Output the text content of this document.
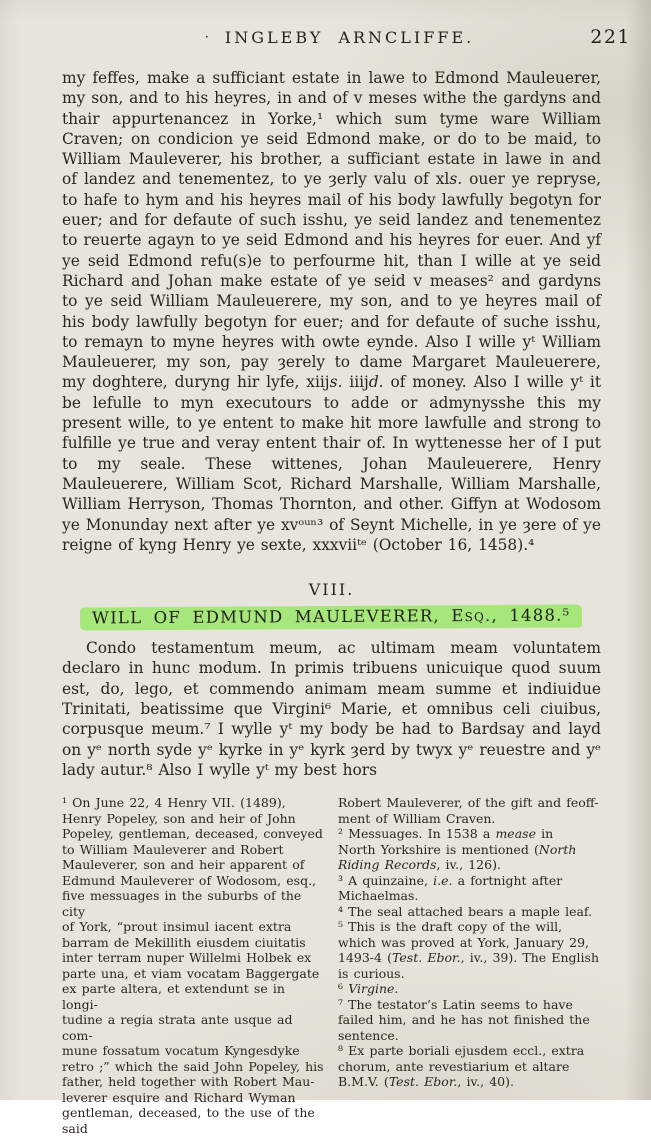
· INGLEBY ARNCLIFFE.	221

my feffes, make a sufficiant estate in lawe to Edmond Mauleuerer, my son, and to his heyres, in and of v meses withe the gardyns and thair appurtenancez in Yorke,¹ which sum tyme ware William Craven; on condicion ye seid Edmond make, or do to be maid, to William Mauleverer, his brother, a sufficiant estate in lawe in and of landez and tenementez, to ye ȝerly valu of xls. ouer ye repryse, to hafe to hym and his heyres mail of his body lawfully begotyn for euer; and for defaute of such isshu, ye seid landez and tenementez to reuerte agayn to ye seid Edmond and his heyres for euer. And yf ye seid Edmond refu(s)e to perfourme hit, than I wille at ye seid Richard and Johan make estate of ye seid v meases² and gardyns to ye seid William Mauleuerere, my son, and to ye heyres mail of his body lawfully begotyn for euer; and for defaute of suche isshu, to remayn to myne heyres with owte eynde. Also I wille yᵗ William Mauleuerer, my son, pay ȝerely to dame Margaret Mauleuerere, my doghtere, duryng hir lyfe, xiijs. iiijd. of money. Also I wille yᵗ it be lefulle to myn executours to adde or admynysshe this my present wille, to ye entent to make hit more lawfulle and strong to fulfille ye true and veray entent thair of. In wyttenesse her of I put to my seale. These wittenes, Johan Mauleuerere, Henry Mauleuerere, William Scot, Richard Marshalle, William Marshalle, William Herryson, Thomas Thornton, and other. Giffyn at Wodosom ye Monunday next after ye xvᵒᵘⁿ³ of Seynt Michelle, in ye ȝere of ye reigne of kyng Henry ye sexte, xxxviiᵗᵉ (October 16, 1458).⁴

VIII.
WILL OF EDMUND MAULEVERER, Esq., 1488.⁵

Condo testamentum meum, ac ultimam meam voluntatem declaro in hunc modum. In primis tribuens unicuique quod suum est, do, lego, et commendo animam meam summe et indiuidue Trinitati, beatissime que Virgini⁶ Marie, et omnibus celi ciuibus, corpusque meum.⁷ I wylle yᵗ my body be had to Bardsay and layd on yᵉ north syde yᵉ kyrke in yᵉ kyrk ȝerd by twyx yᵉ reuestre and yᵉ lady autur.⁸ Also I wylle yᵗ my best hors

¹ On June 22, 4 Henry VII. (1489),
Henry Popeley, son and heir of John
Popeley, gentleman, deceased, conveyed
to William Mauleverer and Robert
Mauleverer, son and heir apparent of
Edmund Mauleverer of Wodosom, esq.,
five messuages in the suburbs of the city
of York, “prout insimul iacent extra
barram de Mekillith eiusdem ciuitatis
inter terram nuper Willelmi Holbek ex
parte una, et viam vocatam Baggergate
ex parte altera, et extendunt se in longi-
tudine a regia strata ante usque ad com-
mune fossatum vocatum Kyngesdyke
retro ;” which the said John Popeley, his
father, held together with Robert Mau-
leverer esquire and Richard Wyman
gentleman, deceased, to the use of the said
Robert Mauleverer, of the gift and feoff-
ment of William Craven.
² Messuages. In 1538 a mease in
North Yorkshire is mentioned (North
Riding Records, iv., 126).
³ A quinzaine, i.e. a fortnight after
Michaelmas.
⁴ The seal attached bears a maple leaf.
⁵ This is the draft copy of the will,
which was proved at York, January 29,
1493-4 (Test. Ebor., iv., 39). The English
is curious.
⁶ Virgine.
⁷ The testator’s Latin seems to have
failed him, and he has not finished the
sentence.
⁸ Ex parte boriali ejusdem eccl., extra
chorum, ante revestiarium et altare
B.M.V. (Test. Ebor., iv., 40).
